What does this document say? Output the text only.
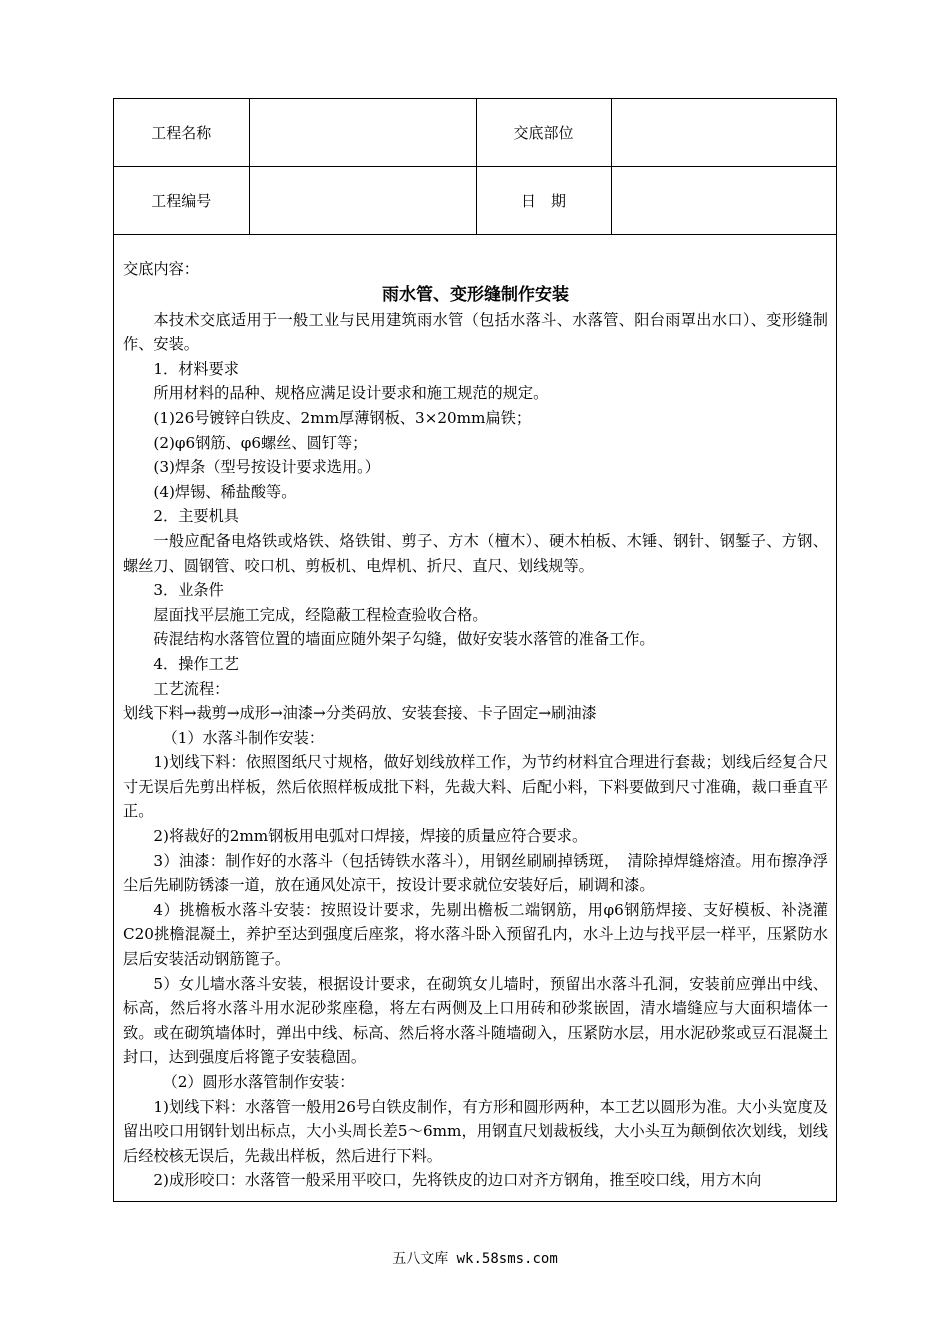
工程名称		交底部位	
工程编号		日　期	

交底内容：

雨水管、变形缝制作安装

本技术交底适用于一般工业与民用建筑雨水管（包括水落斗、水落管、阳台雨罩出水口）、变形缝制作、安装。

1．材料要求

所用材料的品种、规格应满足设计要求和施工规范的规定。

(1)26号镀锌白铁皮、2mm厚薄钢板、3×20mm扁铁；

(2)φ6钢筋、φ6螺丝、圆钉等；

(3)焊条（型号按设计要求选用。）

(4)焊锡、稀盐酸等。

2．主要机具

一般应配备电烙铁或烙铁、烙铁钳、剪子、方木（檀木）、硬木柏板、木锤、钢针、钢錾子、方钢、螺丝刀、圆钢管、咬口机、剪板机、电焊机、折尺、直尺、划线规等。

3．业条件

屋面找平层施工完成，经隐蔽工程检查验收合格。

砖混结构水落管位置的墙面应随外架子勾缝，做好安装水落管的准备工作。

4．操作工艺

工艺流程：

划线下料→裁剪→成形→油漆→分类码放、安装套接、卡子固定→刷油漆

（1）水落斗制作安装：

1)划线下料：依照图纸尺寸规格，做好划线放样工作，为节约材料宜合理进行套裁；划线后经复合尺寸无误后先剪出样板，然后依照样板成批下料，先裁大料、后配小料，下料要做到尺寸准确，裁口垂直平正。

2)将裁好的2mm钢板用电弧对口焊接，焊接的质量应符合要求。

3）油漆：制作好的水落斗（包括铸铁水落斗），用钢丝刷刷掉锈斑，　清除掉焊缝熔渣。用布擦净浮尘后先刷防锈漆一道，放在通风处凉干，按设计要求就位安装好后，刷调和漆。

4）挑檐板水落斗安装：按照设计要求，先剔出檐板二端钢筋，用φ6钢筋焊接、支好模板、补浇灌C20挑檐混凝土，养护至达到强度后座浆，将水落斗卧入预留孔内，水斗上边与找平层一样平，压紧防水层后安装活动钢筋篦子。

5）女儿墙水落斗安装，根据设计要求，在砌筑女儿墙时，预留出水落斗孔洞，安装前应弹出中线、标高，然后将水落斗用水泥砂浆座稳，将左右两侧及上口用砖和砂浆嵌固，清水墙缝应与大面积墙体一致。或在砌筑墙体时，弹出中线、标高、然后将水落斗随墙砌入，压紧防水层，用水泥砂浆或豆石混凝土封口，达到强度后将篦子安装稳固。

（2）圆形水落管制作安装：

1)划线下料：水落管一般用26号白铁皮制作，有方形和圆形两种，本工艺以圆形为准。大小头宽度及留出咬口用钢针划出标点，大小头周长差5～6mm，用钢直尺划裁板线，大小头互为颠倒依次划线，划线后经校核无误后，先裁出样板，然后进行下料。

2)成形咬口：水落管一般采用平咬口，先将铁皮的边口对齐方钢角，推至咬口线，用方木向

五八文库 wk.58sms.com
